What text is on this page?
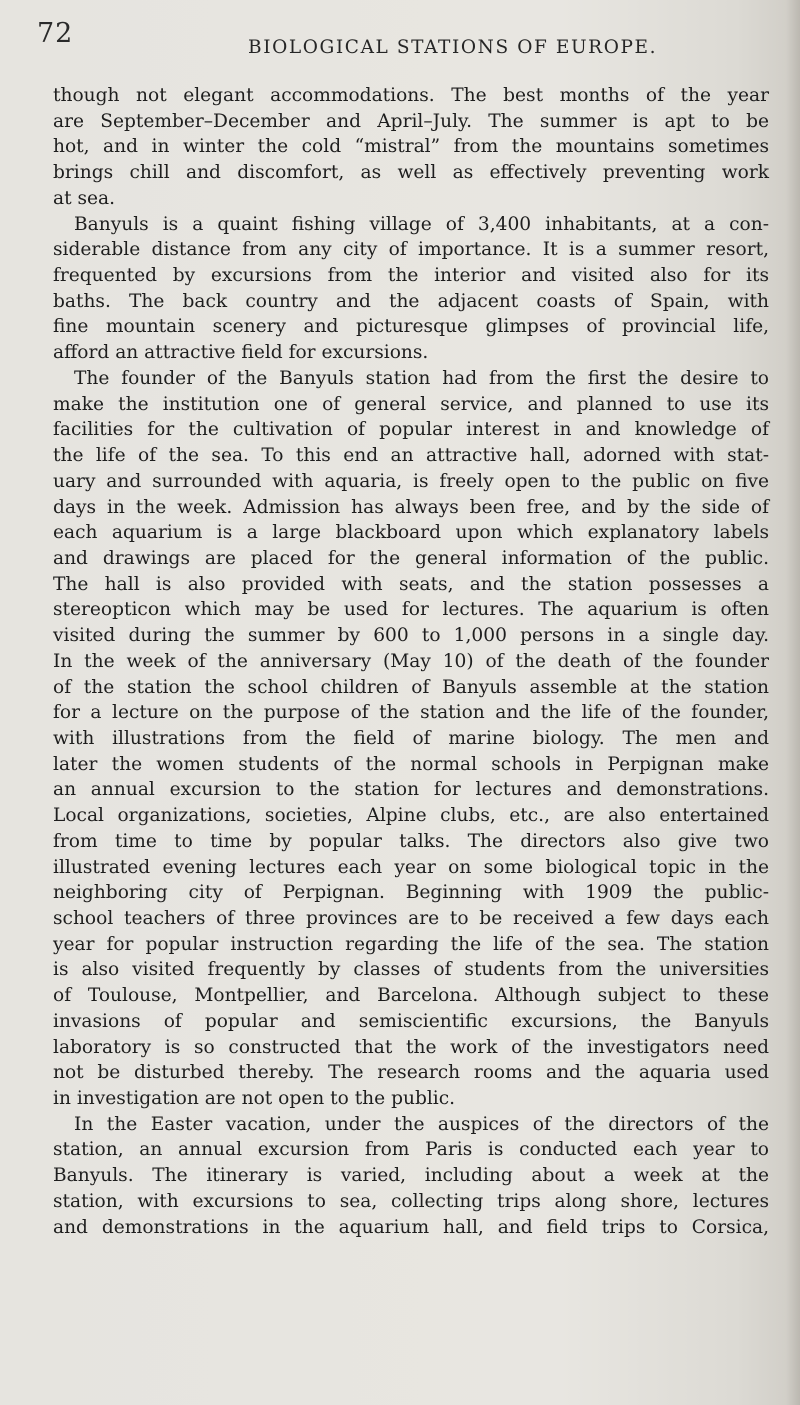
72	BIOLOGICAL STATIONS OF EUROPE.
though not elegant accommodations. The best months of the year
are September–December and April–July. The summer is apt to be
hot, and in winter the cold “mistral” from the mountains sometimes
brings chill and discomfort, as well as effectively preventing work
at sea.
Banyuls is a quaint fishing village of 3,400 inhabitants, at a con-
siderable distance from any city of importance. It is a summer resort,
frequented by excursions from the interior and visited also for its
baths. The back country and the adjacent coasts of Spain, with
fine mountain scenery and picturesque glimpses of provincial life,
afford an attractive field for excursions.
The founder of the Banyuls station had from the first the desire to
make the institution one of general service, and planned to use its
facilities for the cultivation of popular interest in and knowledge of
the life of the sea. To this end an attractive hall, adorned with stat-
uary and surrounded with aquaria, is freely open to the public on five
days in the week. Admission has always been free, and by the side of
each aquarium is a large blackboard upon which explanatory labels
and drawings are placed for the general information of the public.
The hall is also provided with seats, and the station possesses a
stereopticon which may be used for lectures. The aquarium is often
visited during the summer by 600 to 1,000 persons in a single day.
In the week of the anniversary (May 10) of the death of the founder
of the station the school children of Banyuls assemble at the station
for a lecture on the purpose of the station and the life of the founder,
with illustrations from the field of marine biology. The men and
later the women students of the normal schools in Perpignan make
an annual excursion to the station for lectures and demonstrations.
Local organizations, societies, Alpine clubs, etc., are also entertained
from time to time by popular talks. The directors also give two
illustrated evening lectures each year on some biological topic in the
neighboring city of Perpignan. Beginning with 1909 the public-
school teachers of three provinces are to be received a few days each
year for popular instruction regarding the life of the sea. The station
is also visited frequently by classes of students from the universities
of Toulouse, Montpellier, and Barcelona. Although subject to these
invasions of popular and semiscientific excursions, the Banyuls
laboratory is so constructed that the work of the investigators need
not be disturbed thereby. The research rooms and the aquaria used
in investigation are not open to the public.
In the Easter vacation, under the auspices of the directors of the
station, an annual excursion from Paris is conducted each year to
Banyuls. The itinerary is varied, including about a week at the
station, with excursions to sea, collecting trips along shore, lectures
and demonstrations in the aquarium hall, and field trips to Corsica,
